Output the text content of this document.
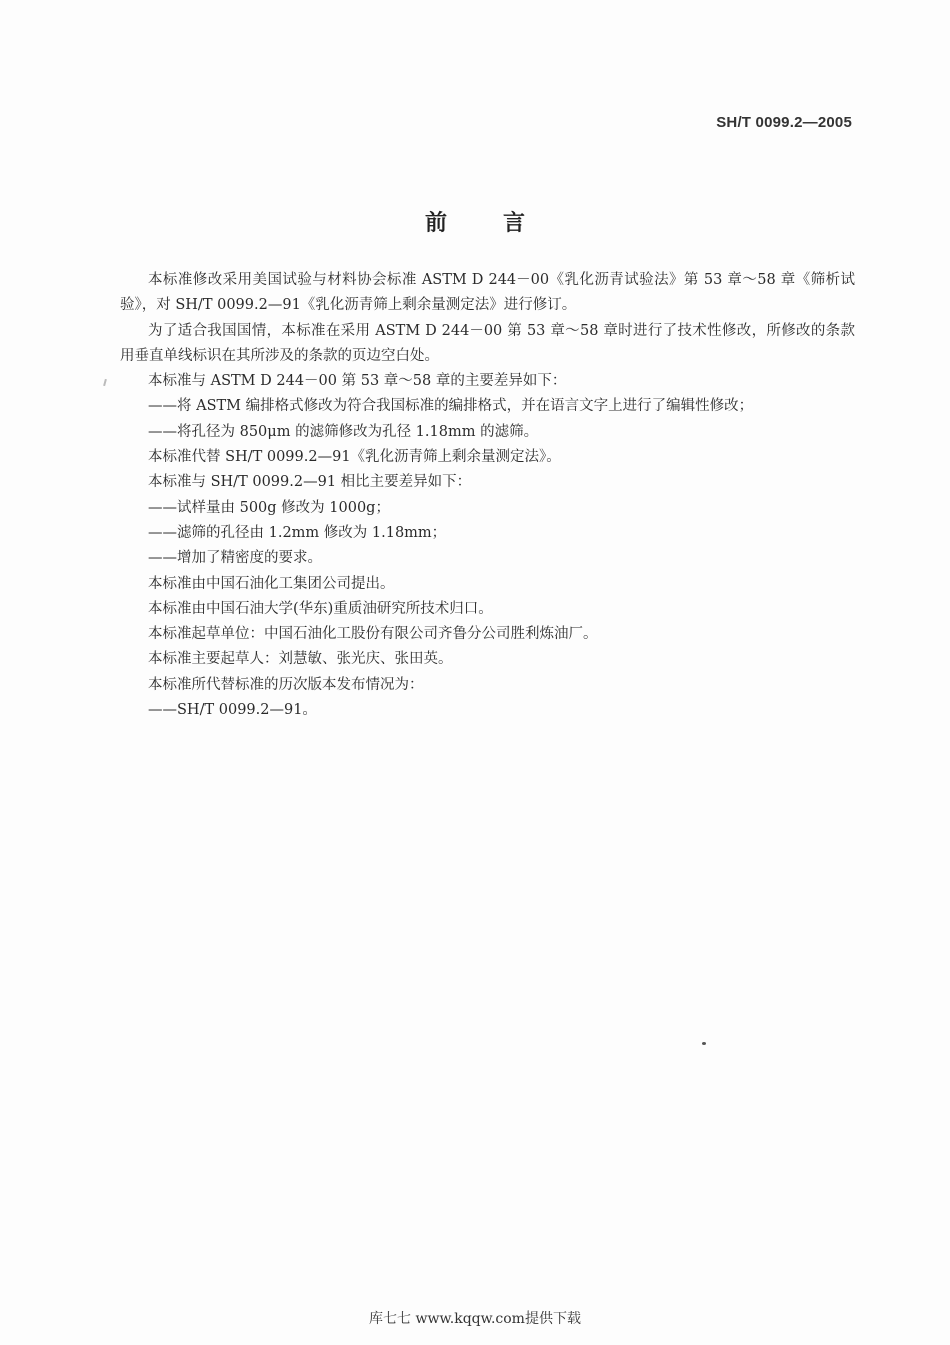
SH/T 0099.2—2005
前言

本标准修改采用美国试验与材料协会标准 ASTM D 244－00《乳化沥青试验法》第 53 章～58 章《筛析试验》，对 SH/T 0099.2—91《乳化沥青筛上剩余量测定法》进行修订。

为了适合我国国情，本标准在采用 ASTM D 244－00 第 53 章～58 章时进行了技术性修改，所修改的条款用垂直单线标识在其所涉及的条款的页边空白处。

本标准与 ASTM D 244－00 第 53 章～58 章的主要差异如下：

——将 ASTM 编排格式修改为符合我国标准的编排格式，并在语言文字上进行了编辑性修改；

——将孔径为 850μm 的滤筛修改为孔径 1.18mm 的滤筛。

本标准代替 SH/T 0099.2—91《乳化沥青筛上剩余量测定法》。

本标准与 SH/T 0099.2—91 相比主要差异如下：

——试样量由 500g 修改为 1000g；

——滤筛的孔径由 1.2mm 修改为 1.18mm；

——增加了精密度的要求。

本标准由中国石油化工集团公司提出。

本标准由中国石油大学(华东)重质油研究所技术归口。

本标准起草单位：中国石油化工股份有限公司齐鲁分公司胜利炼油厂。

本标准主要起草人：刘慧敏、张光庆、张田英。

本标准所代替标准的历次版本发布情况为：

——SH/T 0099.2—91。

库七七 www.kqqw.com提供下载
